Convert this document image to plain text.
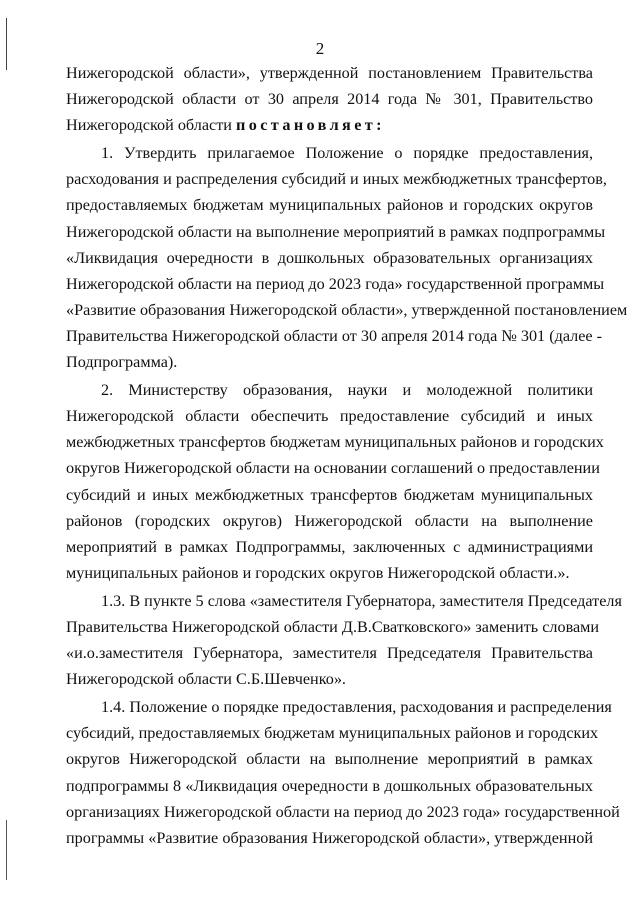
2
Нижегородской области», утвержденной постановлением Правительства
Нижегородской области от 30 апреля 2014 года № 301, Правительство
Нижегородской области постановляет:
1. Утвердить прилагаемое Положение о порядке предоставления,
расходования и распределения субсидий и иных межбюджетных трансфертов,
предоставляемых бюджетам муниципальных районов и городских округов
Нижегородской области на выполнение мероприятий в рамках подпрограммы
«Ликвидация очередности в дошкольных образовательных организациях
Нижегородской области на период до 2023 года» государственной программы
«Развитие образования Нижегородской области», утвержденной постановлением
Правительства Нижегородской области от 30 апреля 2014 года № 301 (далее -
Подпрограмма).
2. Министерству образования, науки и молодежной политики
Нижегородской области обеспечить предоставление субсидий и иных
межбюджетных трансфертов бюджетам муниципальных районов и городских
округов Нижегородской области на основании соглашений о предоставлении
субсидий и иных межбюджетных трансфертов бюджетам муниципальных
районов (городских округов) Нижегородской области на выполнение
мероприятий в рамках Подпрограммы, заключенных с администрациями
муниципальных районов и городских округов Нижегородской области.».
1.3. В пункте 5 слова «заместителя Губернатора, заместителя Председателя
Правительства Нижегородской области Д.В.Сватковского» заменить словами
«и.о.заместителя Губернатора, заместителя Председателя Правительства
Нижегородской области С.Б.Шевченко».
1.4. Положение о порядке предоставления, расходования и распределения
субсидий, предоставляемых бюджетам муниципальных районов и городских
округов Нижегородской области на выполнение мероприятий в рамках
подпрограммы 8 «Ликвидация очередности в дошкольных образовательных
организациях Нижегородской области на период до 2023 года» государственной
программы «Развитие образования Нижегородской области», утвержденной
